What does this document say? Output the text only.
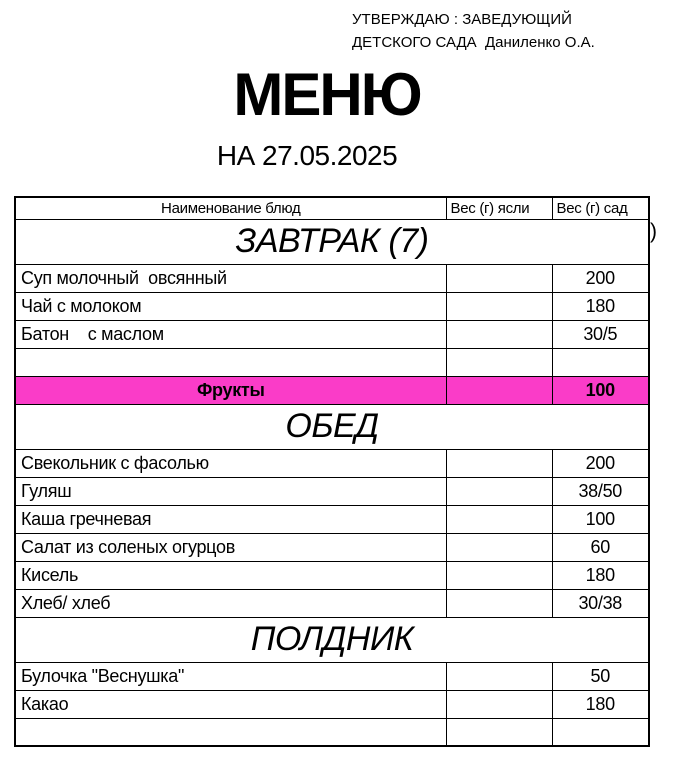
УТВЕРЖДАЮ : ЗАВЕДУЮЩИЙ
ДЕТСКОГО САДА  Даниленко О.А.
МЕНЮ
НА 27.05.2025
Наименование блюд	Вес (г) ясли	Вес (г) сад
ЗАВТРАК (7)		
Суп молочный  овсянный		200
Чай с молоком		180
Батон    с маслом		30/5

Фрукты		100
ОБЕД		
Свекольник с фасолью		200
Гуляш		38/50
Каша гречневая		100
Салат из соленых огурцов		60
Кисель		180
Хлеб/ хлеб		30/38
ПОЛДНИК		
Булочка "Веснушка"		50
Какао		180

)
